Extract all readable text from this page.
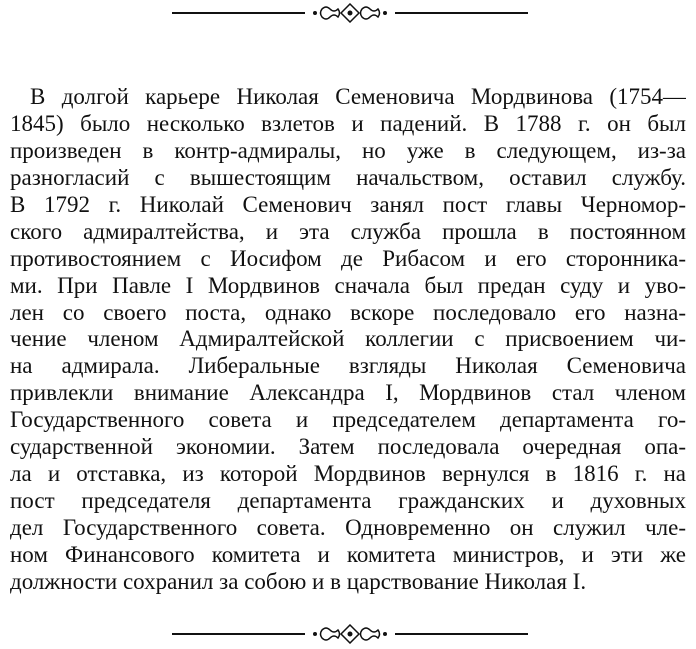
В долгой карьере Николая Семеновича Мордвинова (1754—
1845) было несколько взлетов и падений. В 1788 г. он был
произведен в контр-адмиралы, но уже в следующем, из-за
разногласий с вышестоящим начальством, оставил службу.
В 1792 г. Николай Семенович занял пост главы Черномор-
ского адмиралтейства, и эта служба прошла в постоянном
противостоянием с Иосифом де Рибасом и его сторонника-
ми. При Павле I Мордвинов сначала был предан суду и уво-
лен со своего поста, однако вскоре последовало его назна-
чение членом Адмиралтейской коллегии с присвоением чи-
на адмирала. Либеральные взгляды Николая Семеновича
привлекли внимание Александра I, Мордвинов стал членом
Государственного совета и председателем департамента го-
сударственной экономии. Затем последовала очередная опа-
ла и отставка, из которой Мордвинов вернулся в 1816 г. на
пост председателя департамента гражданских и духовных
дел Государственного совета. Одновременно он служил чле-
ном Финансового комитета и комитета министров, и эти же
должности сохранил за собою и в царствование Николая I.
